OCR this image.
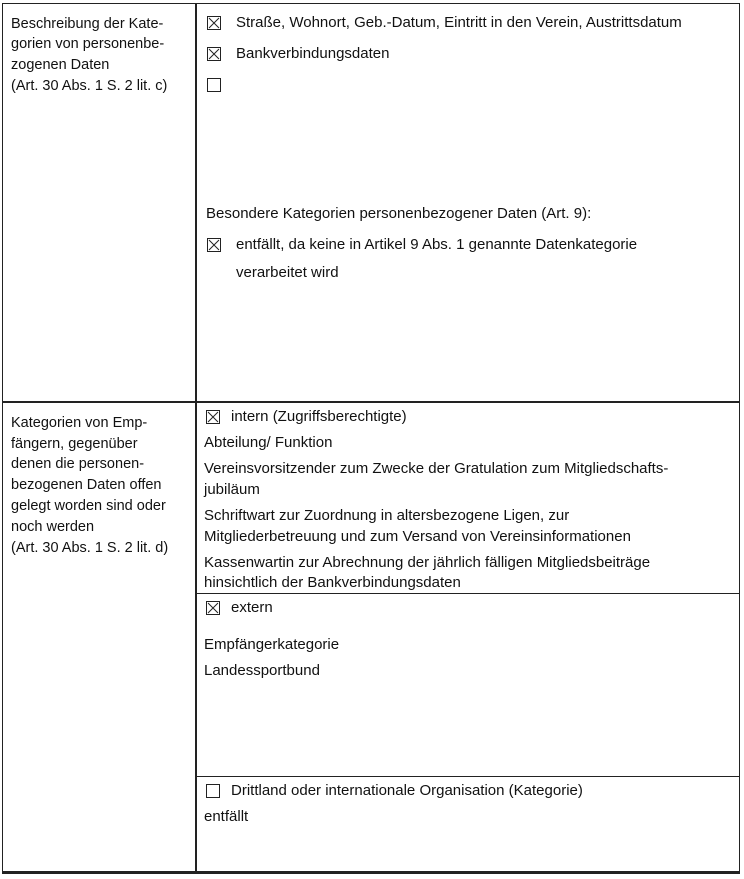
Beschreibung der Kate-
gorien von personenbe-
zogenen Daten
(Art. 30 Abs. 1 S. 2 lit. c)
Straße, Wohnort, Geb.-Datum, Eintritt in den Verein, Austrittsdatum
Bankverbindungsdaten
Besondere Kategorien personenbezogener Daten (Art. 9):
entfällt, da keine in Artikel 9 Abs. 1 genannte Datenkategorie
verarbeitet wird
Kategorien von Emp-
fängern, gegenüber
denen die personen-
bezogenen Daten offen
gelegt worden sind oder
noch werden
(Art. 30 Abs. 1 S. 2 lit. d)
intern (Zugriffsberechtigte)
Abteilung/ Funktion
Vereinsvorsitzender zum Zwecke der Gratulation zum Mitgliedschafts-
jubiläum
Schriftwart zur Zuordnung in altersbezogene Ligen, zur
Mitgliederbetreuung und zum Versand von Vereinsinformationen
Kassenwartin zur Abrechnung der jährlich fälligen Mitgliedsbeiträge
hinsichtlich der Bankverbindungsdaten
extern
Empfängerkategorie
Landessportbund
Drittland oder internationale Organisation (Kategorie)
entfällt
